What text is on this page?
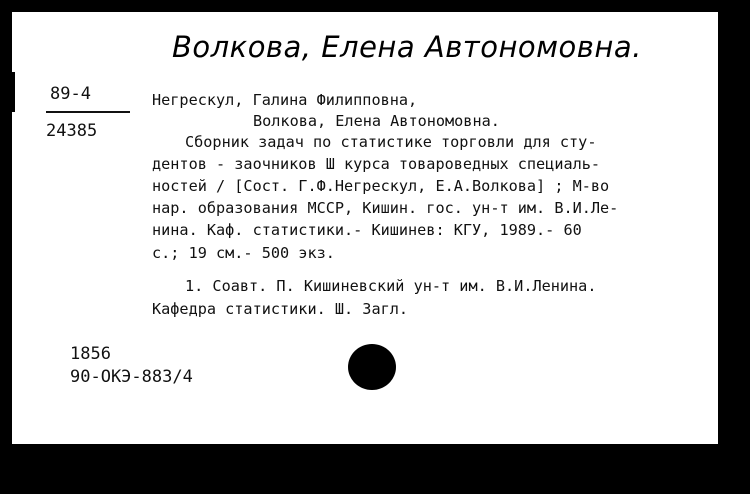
Волкова, Елена Автономовна.
89-4
24385
Негрескул, Галина Филипповна,
Волкова, Елена Автономовна.
Сборник задач по статистике торговли для сту-
дентов - заочников Ш курса товароведных специаль-
ностей / [Сост. Г.Ф.Негрескул, Е.А.Волкова] ; М-во
нар. образования МССР, Кишин. гос. ун-т им. В.И.Ле-
нина. Каф. статистики.- Кишинев: КГУ, 1989.- 60
с.; 19 см.- 500 экз.
1. Соавт. П. Кишиневский ун-т им. В.И.Ленина.
Кафедра статистики. Ш. Загл.
1856
90-ОКЭ-883/4
